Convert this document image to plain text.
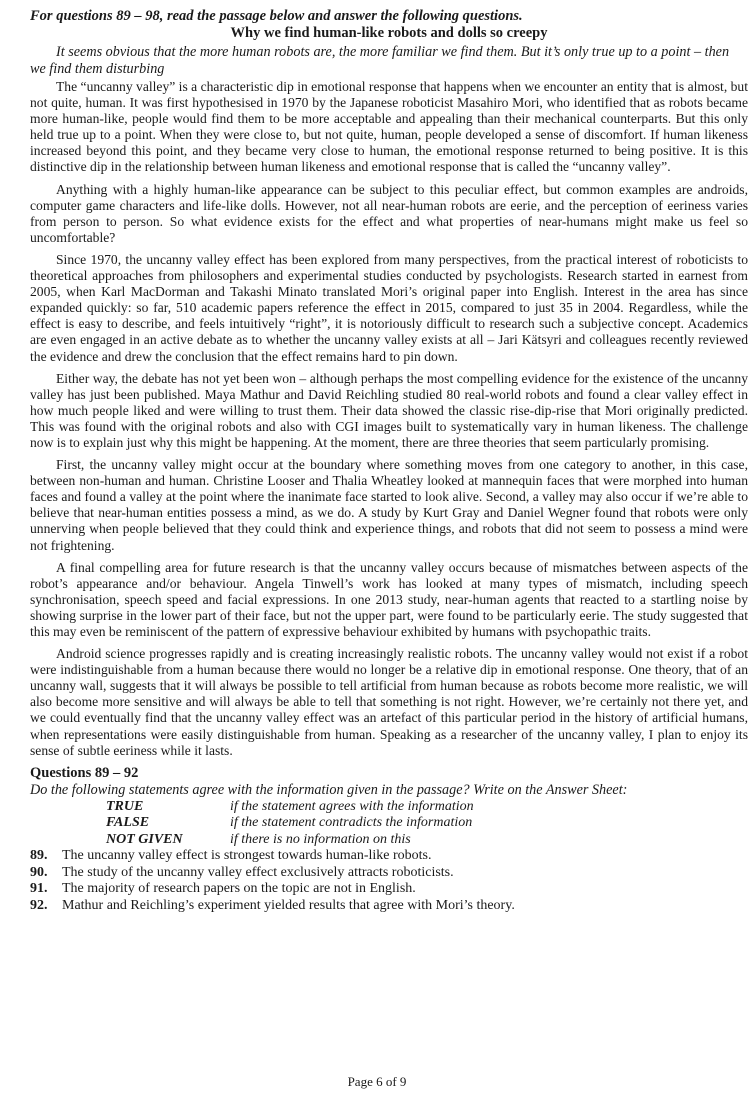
For questions 89 – 98, read the passage below and answer the following questions.

Why we find human-like robots and dolls so creepy

It seems obvious that the more human robots are, the more familiar we find them. But it’s only true up to a point – then we find them disturbing

The “uncanny valley” is a characteristic dip in emotional response that happens when we encounter an entity that is almost, but not quite, human. It was first hypothesised in 1970 by the Japanese roboticist Masahiro Mori, who identified that as robots became more human-like, people would find them to be more acceptable and appealing than their mechanical counterparts. But this only held true up to a point. When they were close to, but not quite, human, people developed a sense of discomfort. If human likeness increased beyond this point, and they became very close to human, the emotional response returned to being positive. It is this distinctive dip in the relationship between human likeness and emotional response that is called the “uncanny valley”.

Anything with a highly human-like appearance can be subject to this peculiar effect, but common examples are androids, computer game characters and life-like dolls. However, not all near-human robots are eerie, and the perception of eeriness varies from person to person. So what evidence exists for the effect and what properties of near-humans might make us feel so uncomfortable?

Since 1970, the uncanny valley effect has been explored from many perspectives, from the practical interest of roboticists to theoretical approaches from philosophers and experimental studies conducted by psychologists. Research started in earnest from 2005, when Karl MacDorman and Takashi Minato translated Mori’s original paper into English. Interest in the area has since expanded quickly: so far, 510 academic papers reference the effect in 2015, compared to just 35 in 2004. Regardless, while the effect is easy to describe, and feels intuitively “right”, it is notoriously difficult to research such a subjective concept. Academics are even engaged in an active debate as to whether the uncanny valley exists at all – Jari Kätsyri and colleagues recently reviewed the evidence and drew the conclusion that the effect remains hard to pin down.

Either way, the debate has not yet been won – although perhaps the most compelling evidence for the existence of the uncanny valley has just been published. Maya Mathur and David Reichling studied 80 real-world robots and found a clear valley effect in how much people liked and were willing to trust them. Their data showed the classic rise-dip-rise that Mori originally predicted. This was found with the original robots and also with CGI images built to systematically vary in human likeness. The challenge now is to explain just why this might be happening. At the moment, there are three theories that seem particularly promising.

First, the uncanny valley might occur at the boundary where something moves from one category to another, in this case, between non-human and human. Christine Looser and Thalia Wheatley looked at mannequin faces that were morphed into human faces and found a valley at the point where the inanimate face started to look alive. Second, a valley may also occur if we’re able to believe that near-human entities possess a mind, as we do. A study by Kurt Gray and Daniel Wegner found that robots were only unnerving when people believed that they could think and experience things, and robots that did not seem to possess a mind were not frightening.

A final compelling area for future research is that the uncanny valley occurs because of mismatches between aspects of the robot’s appearance and/or behaviour. Angela Tinwell’s work has looked at many types of mismatch, including speech synchronisation, speech speed and facial expressions. In one 2013 study, near-human agents that reacted to a startling noise by showing surprise in the lower part of their face, but not the upper part, were found to be particularly eerie. The study suggested that this may even be reminiscent of the pattern of expressive behaviour exhibited by humans with psychopathic traits.

Android science progresses rapidly and is creating increasingly realistic robots. The uncanny valley would not exist if a robot were indistinguishable from a human because there would no longer be a relative dip in emotional response. One theory, that of an uncanny wall, suggests that it will always be possible to tell artificial from human because as robots become more realistic, we will also become more sensitive and will always be able to tell that something is not right. However, we’re certainly not there yet, and we could eventually find that the uncanny valley effect was an artefact of this particular period in the history of artificial humans, when representations were easily distinguishable from human. Speaking as a researcher of the uncanny valley, I plan to enjoy its sense of subtle eeriness while it lasts.

Questions 89 – 92

Do the following statements agree with the information given in the passage? Write on the Answer Sheet:

TRUE	if the statement agrees with the information
FALSE	if the statement contradicts the information
NOT GIVEN	if there is no information on this
89.	The uncanny valley effect is strongest towards human-like robots.
90.	The study of the uncanny valley effect exclusively attracts roboticists.
91.	The majority of research papers on the topic are not in English.
92.	Mathur and Reichling’s experiment yielded results that agree with Mori’s theory.
Page 6 of 9
